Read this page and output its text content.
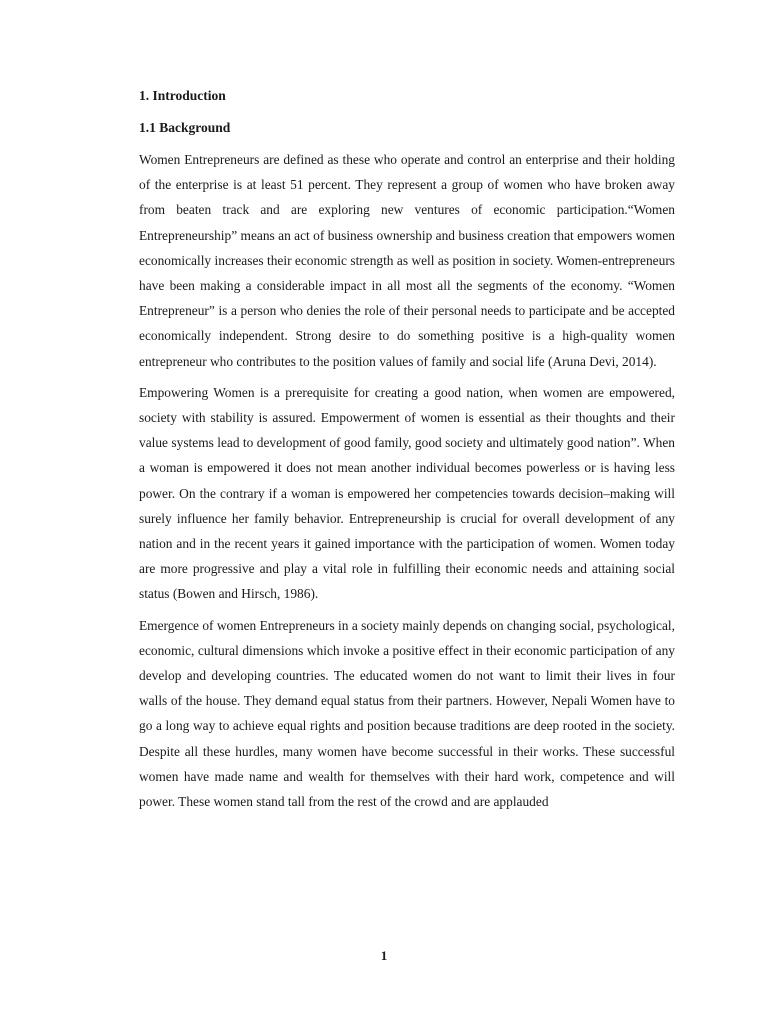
1. Introduction
1.1 Background

Women Entrepreneurs are defined as these who operate and control an enterprise and their holding of the enterprise is at least 51 percent. They represent a group of women who have broken away from beaten track and are exploring new ventures of economic participation.“Women Entrepreneurship” means an act of business ownership and business creation that empowers women economically increases their economic strength as well as position in society. Women-entrepreneurs have been making a considerable impact in all most all the segments of the economy. “Women Entrepreneur” is a person who denies the role of their personal needs to participate and be accepted economically independent. Strong desire to do something positive is a high-quality women entrepreneur who contributes to the position values of family and social life (Aruna Devi, 2014).

Empowering Women is a prerequisite for creating a good nation, when women are empowered, society with stability is assured. Empowerment of women is essential as their thoughts and their value systems lead to development of good family, good society and ultimately good nation”. When a woman is empowered it does not mean another individual becomes powerless or is having less power. On the contrary if a woman is empowered her competencies towards decision–making will surely influence her family behavior. Entrepreneurship is crucial for overall development of any nation and in the recent years it gained importance with the participation of women. Women today are more progressive and play a vital role in fulfilling their economic needs and attaining social status (Bowen and Hirsch, 1986).

Emergence of women Entrepreneurs in a society mainly depends on changing social, psychological, economic, cultural dimensions which invoke a positive effect in their economic participation of any develop and developing countries. The educated women do not want to limit their lives in four walls of the house. They demand equal status from their partners. However, Nepali Women have to go a long way to achieve equal rights and position because traditions are deep rooted in the society. Despite all these hurdles, many women have become successful in their works. These successful women have made name and wealth for themselves with their hard work, competence and will power. These women stand tall from the rest of the crowd and are applauded

1
